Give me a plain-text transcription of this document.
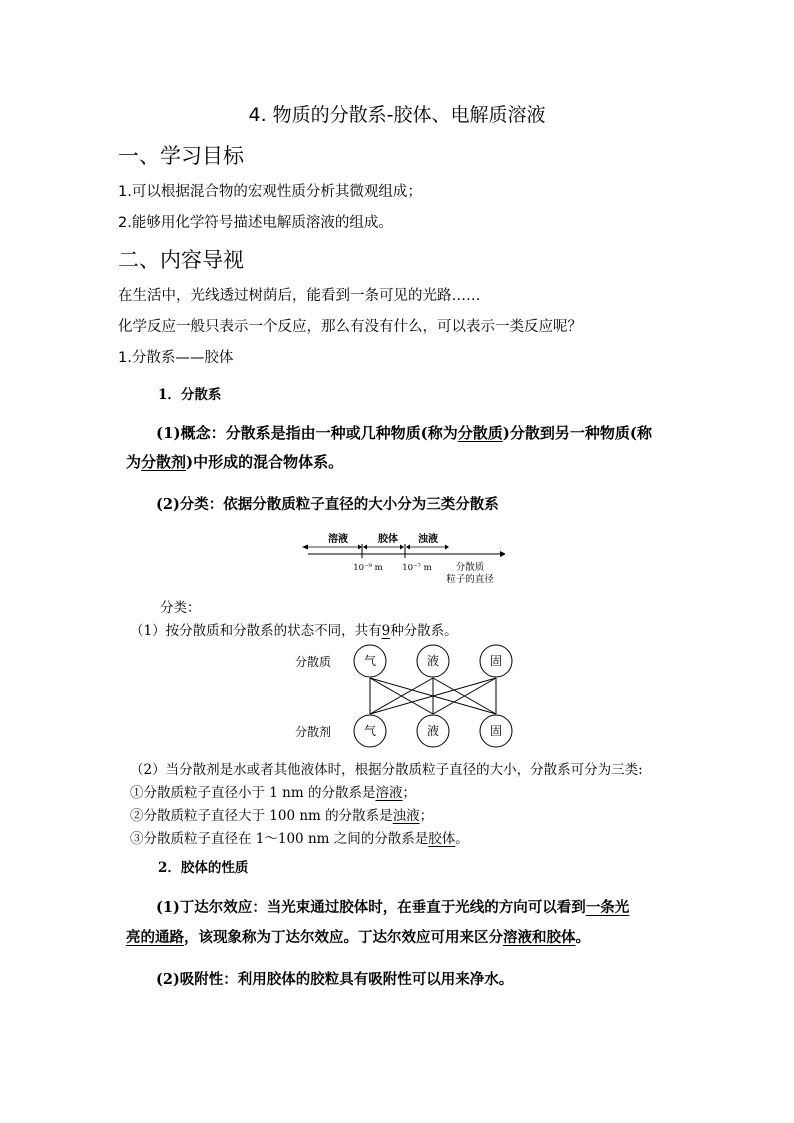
4. 物质的分散系-胶体、电解质溶液
一、学习目标
1.可以根据混合物的宏观性质分析其微观组成；
2.能够用化学符号描述电解质溶液的组成。
二、内容导视
在生活中，光线透过树荫后，能看到一条可见的光路……
化学反应一般只表示一个反应，那么有没有什么，可以表示一类反应呢？
1.分散系——胶体
1．分散系
(1)概念：分散系是指由一种或几种物质(称为分散质)分散到另一种物质(称
为分散剂)中形成的混合物体系。
(2)分类：依据分散质粒子直径的大小分为三类分散系
溶液	胶体 浊液
10⁻⁹ m 10⁻⁷ m	分散质
粒子的直径
分类：
（1）按分散质和分散系的状态不同，共有9种分散系。
分散质
分散剂
气	液	固
气	液	固
（2）当分散剂是水或者其他液体时，根据分散质粒子直径的大小，分散系可分为三类:
①分散质粒子直径小于 1 nm 的分散系是溶液；
②分散质粒子直径大于 100 nm 的分散系是浊液；
③分散质粒子直径在 1～100 nm 之间的分散系是胶体。
2．胶体的性质
(1)丁达尔效应：当光束通过胶体时，在垂直于光线的方向可以看到一条光
亮的通路，该现象称为丁达尔效应。丁达尔效应可用来区分溶液和胶体。
(2)吸附性：利用胶体的胶粒具有吸附性可以用来净水。
